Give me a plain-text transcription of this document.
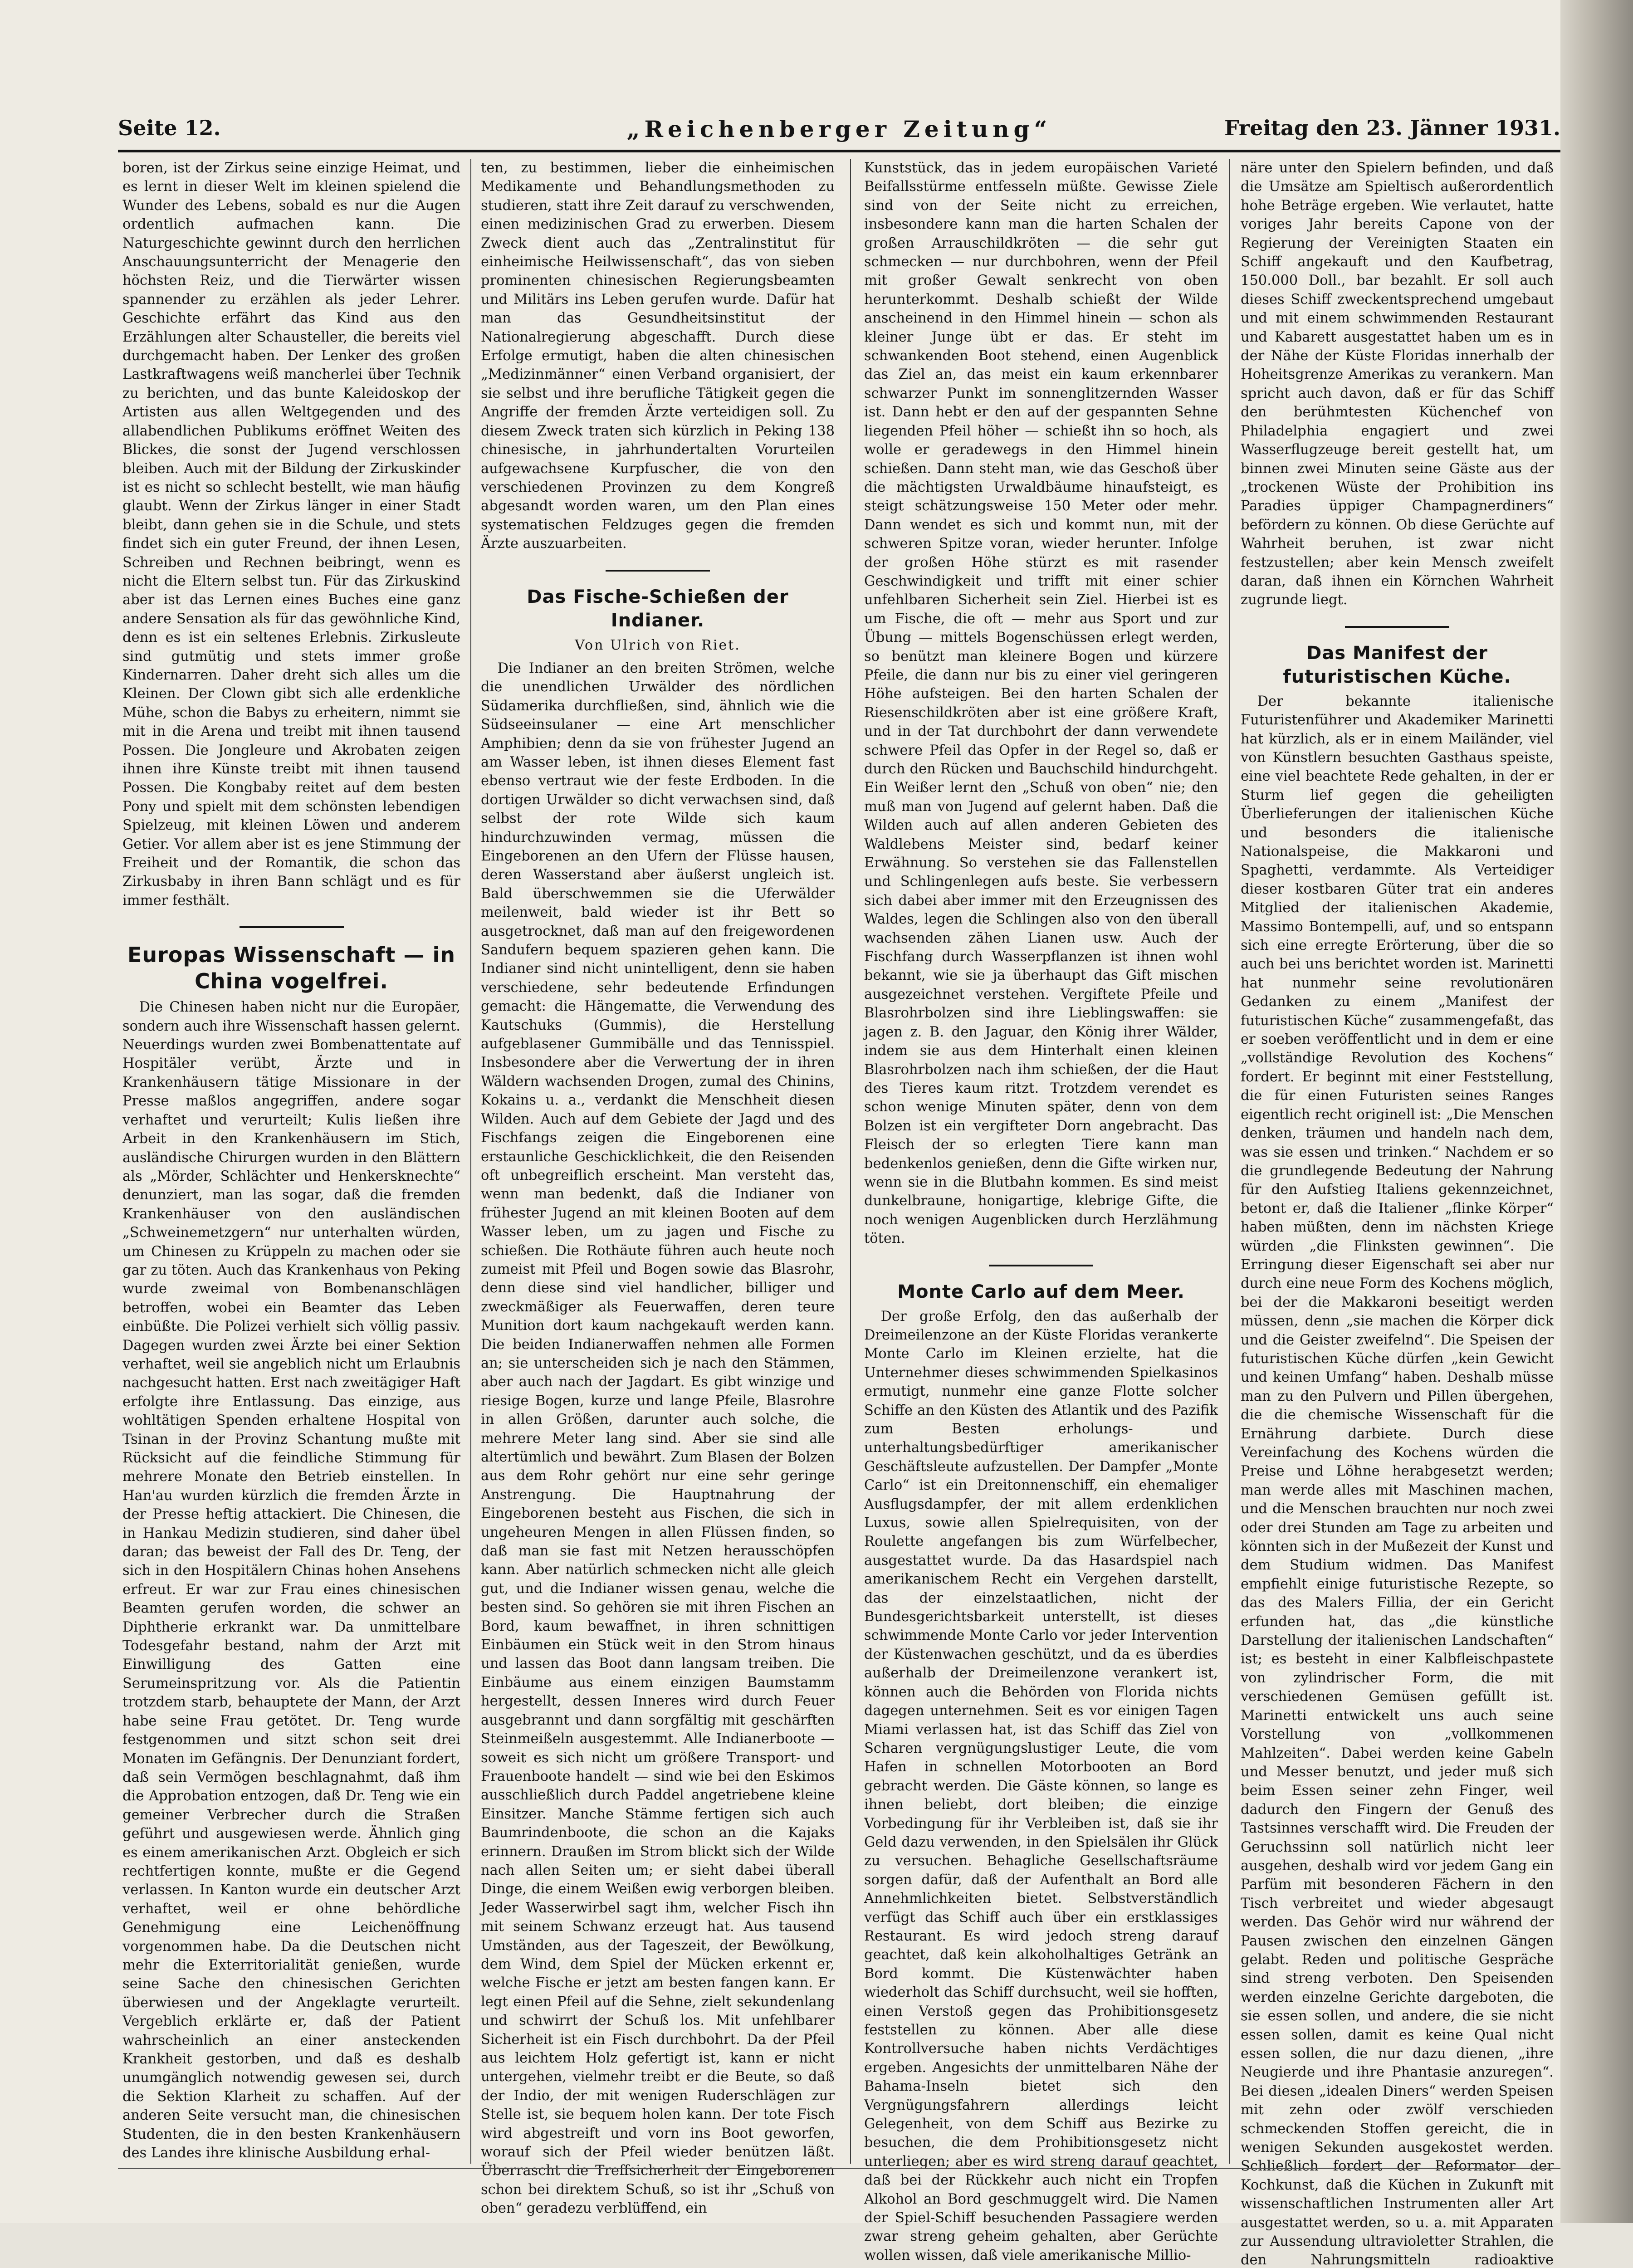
„Reichenberger Zeitung“
Seite 12.	Freitag den 23. Jänner 1931.

boren, ist der Zirkus seine einzige Heimat, und es lernt in dieser Welt im kleinen spielend die Wunder des Lebens, sobald es nur die Augen ordentlich aufmachen kann. Die Naturgeschichte gewinnt durch den herrlichen Anschauungsunterricht der Menagerie den höchsten Reiz, und die Tierwärter wissen spannender zu erzählen als jeder Lehrer. Geschichte erfährt das Kind aus den Erzählungen alter Schausteller, die bereits viel durchgemacht haben. Der Lenker des großen Lastkraftwagens weiß mancherlei über Technik zu berichten, und das bunte Kaleidoskop der Artisten aus allen Weltgegenden und des allabendlichen Publikums eröffnet Weiten des Blickes, die sonst der Jugend verschlossen bleiben. Auch mit der Bildung der Zirkuskinder ist es nicht so schlecht bestellt, wie man häufig glaubt. Wenn der Zirkus länger in einer Stadt bleibt, dann gehen sie in die Schule, und stets findet sich ein guter Freund, der ihnen Lesen, Schreiben und Rechnen beibringt, wenn es nicht die Eltern selbst tun. Für das Zirkuskind aber ist das Lernen eines Buches eine ganz andere Sensation als für das gewöhnliche Kind, denn es ist ein seltenes Erlebnis. Zirkusleute sind gutmütig und stets immer große Kindernarren. Daher dreht sich alles um die Kleinen. Der Clown gibt sich alle erdenkliche Mühe, schon die Babys zu erheitern, nimmt sie mit in die Arena und treibt mit ihnen tausend Possen. Die Jongleure und Akrobaten zeigen ihnen ihre Künste treibt mit ihnen tausend Possen. Die Kongbaby reitet auf dem besten Pony und spielt mit dem schönsten lebendigen Spielzeug, mit kleinen Löwen und anderem Getier. Vor allem aber ist es jene Stimmung der Freiheit und der Romantik, die schon das Zirkusbaby in ihren Bann schlägt und es für immer festhält.

Europas Wissenschaft — in China vogelfrei.

Die Chinesen haben nicht nur die Europäer, sondern auch ihre Wissenschaft hassen gelernt. Neuerdings wurden zwei Bombenattentate auf Hospitäler verübt, Ärzte und in Krankenhäusern tätige Missionare in der Presse maßlos angegriffen, andere sogar verhaftet und verurteilt; Kulis ließen ihre Arbeit in den Krankenhäusern im Stich, ausländische Chirurgen wurden in den Blättern als „Mörder, Schlächter und Henkersknechte“ denunziert, man las sogar, daß die fremden Krankenhäuser von den ausländischen „Schweinemetzgern“ nur unterhalten würden, um Chinesen zu Krüppeln zu machen oder sie gar zu töten. Auch das Krankenhaus von Peking wurde zweimal von Bombenanschlägen betroffen, wobei ein Beamter das Leben einbüßte. Die Polizei verhielt sich völlig passiv. Dagegen wurden zwei Ärzte bei einer Sektion verhaftet, weil sie angeblich nicht um Erlaubnis nachgesucht hatten. Erst nach zweitägiger Haft erfolgte ihre Entlassung. Das einzige, aus wohltätigen Spenden erhaltene Hospital von Tsinan in der Provinz Schantung mußte mit Rücksicht auf die feindliche Stimmung für mehrere Monate den Betrieb einstellen. In Han'au wurden kürzlich die fremden Ärzte in der Presse heftig attackiert. Die Chinesen, die in Hankau Medizin studieren, sind daher übel daran; das beweist der Fall des Dr. Teng, der sich in den Hospitälern Chinas hohen Ansehens erfreut. Er war zur Frau eines chinesischen Beamten gerufen worden, die schwer an Diphtherie erkrankt war. Da unmittelbare Todesgefahr bestand, nahm der Arzt mit Einwilligung des Gatten eine Serumeinspritzung vor. Als die Patientin trotzdem starb, behauptete der Mann, der Arzt habe seine Frau getötet. Dr. Teng wurde festgenommen und sitzt schon seit drei Monaten im Gefängnis. Der Denunziant fordert, daß sein Vermögen beschlagnahmt, daß ihm die Approbation entzogen, daß Dr. Teng wie ein gemeiner Verbrecher durch die Straßen geführt und ausgewiesen werde. Ähnlich ging es einem amerikanischen Arzt. Obgleich er sich rechtfertigen konnte, mußte er die Gegend verlassen. In Kanton wurde ein deutscher Arzt verhaftet, weil er ohne behördliche Genehmigung eine Leichenöffnung vorgenommen habe. Da die Deutschen nicht mehr die Exterritorialität genießen, wurde seine Sache den chinesischen Gerichten überwiesen und der Angeklagte verurteilt. Vergeblich erklärte er, daß der Patient wahrscheinlich an einer ansteckenden Krankheit gestorben, und daß es deshalb unumgänglich notwendig gewesen sei, durch die Sektion Klarheit zu schaffen. Auf der anderen Seite versucht man, die chinesischen Studenten, die in den besten Krankenhäusern des Landes ihre klinische Ausbildung erhal-

ten, zu bestimmen, lieber die einheimischen Medikamente und Behandlungsmethoden zu studieren, statt ihre Zeit darauf zu verschwenden, einen medizinischen Grad zu erwerben. Diesem Zweck dient auch das „Zentralinstitut für einheimische Heilwissenschaft“, das von sieben prominenten chinesischen Regierungsbeamten und Militärs ins Leben gerufen wurde. Dafür hat man das Gesundheitsinstitut der Nationalregierung abgeschafft. Durch diese Erfolge ermutigt, haben die alten chinesischen „Medizinmänner“ einen Verband organisiert, der sie selbst und ihre berufliche Tätigkeit gegen die Angriffe der fremden Ärzte verteidigen soll. Zu diesem Zweck traten sich kürzlich in Peking 138 chinesische, in jahrhundertalten Vorurteilen aufgewachsene Kurpfuscher, die von den verschiedenen Provinzen zu dem Kongreß abgesandt worden waren, um den Plan eines systematischen Feldzuges gegen die fremden Ärzte auszuarbeiten.

Das Fische-Schießen der Indianer.
Von Ulrich von Riet.

Die Indianer an den breiten Strömen, welche die unendlichen Urwälder des nördlichen Südamerika durchfließen, sind, ähnlich wie die Südseeinsulaner — eine Art menschlicher Amphibien; denn da sie von frühester Jugend an am Wasser leben, ist ihnen dieses Element fast ebenso vertraut wie der feste Erdboden. In die dortigen Urwälder so dicht verwachsen sind, daß selbst der rote Wilde sich kaum hindurchzuwinden vermag, müssen die Eingeborenen an den Ufern der Flüsse hausen, deren Wasserstand aber äußerst ungleich ist. Bald überschwemmen sie die Uferwälder meilenweit, bald wieder ist ihr Bett so ausgetrocknet, daß man auf den freigewordenen Sandufern bequem spazieren gehen kann. Die Indianer sind nicht unintelligent, denn sie haben verschiedene, sehr bedeutende Erfindungen gemacht: die Hängematte, die Verwendung des Kautschuks (Gummis), die Herstellung aufgeblasener Gummibälle und das Tennisspiel. Insbesondere aber die Verwertung der in ihren Wäldern wachsenden Drogen, zumal des Chinins, Kokains u. a., verdankt die Menschheit diesen Wilden. Auch auf dem Gebiete der Jagd und des Fischfangs zeigen die Eingeborenen eine erstaunliche Geschicklichkeit, die den Reisenden oft unbegreiflich erscheint. Man versteht das, wenn man bedenkt, daß die Indianer von frühester Jugend an mit kleinen Booten auf dem Wasser leben, um zu jagen und Fische zu schießen. Die Rothäute führen auch heute noch zumeist mit Pfeil und Bogen sowie das Blasrohr, denn diese sind viel handlicher, billiger und zweckmäßiger als Feuerwaffen, deren teure Munition dort kaum nachgekauft werden kann. Die beiden Indianerwaffen nehmen alle Formen an; sie unterscheiden sich je nach den Stämmen, aber auch nach der Jagdart. Es gibt winzige und riesige Bogen, kurze und lange Pfeile, Blasrohre in allen Größen, darunter auch solche, die mehrere Meter lang sind. Aber sie sind alle altertümlich und bewährt. Zum Blasen der Bolzen aus dem Rohr gehört nur eine sehr geringe Anstrengung. Die Hauptnahrung der Eingeborenen besteht aus Fischen, die sich in ungeheuren Mengen in allen Flüssen finden, so daß man sie fast mit Netzen herausschöpfen kann. Aber natürlich schmecken nicht alle gleich gut, und die Indianer wissen genau, welche die besten sind. So gehören sie mit ihren Fischen an Bord, kaum bewaffnet, in ihren schnittigen Einbäumen ein Stück weit in den Strom hinaus und lassen das Boot dann langsam treiben. Die Einbäume aus einem einzigen Baumstamm hergestellt, dessen Inneres wird durch Feuer ausgebrannt und dann sorgfältig mit geschärften Steinmeißeln ausgestemmt. Alle Indianerboote — soweit es sich nicht um größere Transport- und Frauenboote handelt — sind wie bei den Eskimos ausschließlich durch Paddel angetriebene kleine Einsitzer. Manche Stämme fertigen sich auch Baumrindenboote, die schon an die Kajaks erinnern. Draußen im Strom blickt sich der Wilde nach allen Seiten um; er sieht dabei überall Dinge, die einem Weißen ewig verborgen bleiben. Jeder Wasserwirbel sagt ihm, welcher Fisch ihn mit seinem Schwanz erzeugt hat. Aus tausend Umständen, aus der Tageszeit, der Bewölkung, dem Wind, dem Spiel der Mücken erkennt er, welche Fische er jetzt am besten fangen kann. Er legt einen Pfeil auf die Sehne, zielt sekundenlang und schwirrt der Schuß los. Mit unfehlbarer Sicherheit ist ein Fisch durchbohrt. Da der Pfeil aus leichtem Holz gefertigt ist, kann er nicht untergehen, vielmehr treibt er die Beute, so daß der Indio, der mit wenigen Ruderschlägen zur Stelle ist, sie bequem holen kann. Der tote Fisch wird abgestreift und vorn ins Boot geworfen, worauf sich der Pfeil wieder benützen läßt. Überrascht die Treffsicherheit der Eingeborenen schon bei direktem Schuß, so ist ihr „Schuß von oben“ geradezu verblüffend, ein

Kunststück, das in jedem europäischen Varieté Beifallsstürme entfesseln müßte. Gewisse Ziele sind von der Seite nicht zu erreichen, insbesondere kann man die harten Schalen der großen Arrauschildkröten — die sehr gut schmecken — nur durchbohren, wenn der Pfeil mit großer Gewalt senkrecht von oben herunterkommt. Deshalb schießt der Wilde anscheinend in den Himmel hinein — schon als kleiner Junge übt er das. Er steht im schwankenden Boot stehend, einen Augenblick das Ziel an, das meist ein kaum erkennbarer schwarzer Punkt im sonnenglitzernden Wasser ist. Dann hebt er den auf der gespannten Sehne liegenden Pfeil höher — schießt ihn so hoch, als wolle er geradewegs in den Himmel hinein schießen. Dann steht man, wie das Geschoß über die mächtigsten Urwaldbäume hinaufsteigt, es steigt schätzungsweise 150 Meter oder mehr. Dann wendet es sich und kommt nun, mit der schweren Spitze voran, wieder herunter. Infolge der großen Höhe stürzt es mit rasender Geschwindigkeit und trifft mit einer schier unfehlbaren Sicherheit sein Ziel. Hierbei ist es um Fische, die oft — mehr aus Sport und zur Übung — mittels Bogenschüssen erlegt werden, so benützt man kleinere Bogen und kürzere Pfeile, die dann nur bis zu einer viel geringeren Höhe aufsteigen. Bei den harten Schalen der Riesenschildkröten aber ist eine größere Kraft, und in der Tat durchbohrt der dann verwendete schwere Pfeil das Opfer in der Regel so, daß er durch den Rücken und Bauchschild hindurchgeht. Ein Weißer lernt den „Schuß von oben“ nie; den muß man von Jugend auf gelernt haben. Daß die Wilden auch auf allen anderen Gebieten des Waldlebens Meister sind, bedarf keiner Erwähnung. So verstehen sie das Fallenstellen und Schlingenlegen aufs beste. Sie verbessern sich dabei aber immer mit den Erzeugnissen des Waldes, legen die Schlingen also von den überall wachsenden zähen Lianen usw. Auch der Fischfang durch Wasserpflanzen ist ihnen wohl bekannt, wie sie ja überhaupt das Gift mischen ausgezeichnet verstehen. Vergiftete Pfeile und Blasrohrbolzen sind ihre Lieblingswaffen: sie jagen z. B. den Jaguar, den König ihrer Wälder, indem sie aus dem Hinterhalt einen kleinen Blasrohrbolzen nach ihm schießen, der die Haut des Tieres kaum ritzt. Trotzdem verendet es schon wenige Minuten später, denn von dem Bolzen ist ein vergifteter Dorn angebracht. Das Fleisch der so erlegten Tiere kann man bedenkenlos genießen, denn die Gifte wirken nur, wenn sie in die Blutbahn kommen. Es sind meist dunkelbraune, honigartige, klebrige Gifte, die noch wenigen Augenblicken durch Herzlähmung töten.

Monte Carlo auf dem Meer.

Der große Erfolg, den das außerhalb der Dreimeilenzone an der Küste Floridas verankerte Monte Carlo im Kleinen erzielte, hat die Unternehmer dieses schwimmenden Spielkasinos ermutigt, nunmehr eine ganze Flotte solcher Schiffe an den Küsten des Atlantik und des Pazifik zum Besten erholungs- und unterhaltungsbedürftiger amerikanischer Geschäftsleute aufzustellen. Der Dampfer „Monte Carlo“ ist ein Dreitonnenschiff, ein ehemaliger Ausflugsdampfer, der mit allem erdenklichen Luxus, sowie allen Spielrequisiten, von der Roulette angefangen bis zum Würfelbecher, ausgestattet wurde. Da das Hasardspiel nach amerikanischem Recht ein Vergehen darstellt, das der einzelstaatlichen, nicht der Bundesgerichtsbarkeit unterstellt, ist dieses schwimmende Monte Carlo vor jeder Intervention der Küstenwachen geschützt, und da es überdies außerhalb der Dreimeilenzone verankert ist, können auch die Behörden von Florida nichts dagegen unternehmen. Seit es vor einigen Tagen Miami verlassen hat, ist das Schiff das Ziel von Scharen vergnügungslustiger Leute, die vom Hafen in schnellen Motorbooten an Bord gebracht werden. Die Gäste können, so lange es ihnen beliebt, dort bleiben; die einzige Vorbedingung für ihr Verbleiben ist, daß sie ihr Geld dazu verwenden, in den Spielsälen ihr Glück zu versuchen. Behagliche Gesellschaftsräume sorgen dafür, daß der Aufenthalt an Bord alle Annehmlichkeiten bietet. Selbstverständlich verfügt das Schiff auch über ein erstklassiges Restaurant. Es wird jedoch streng darauf geachtet, daß kein alkoholhaltiges Getränk an Bord kommt. Die Küstenwächter haben wiederholt das Schiff durchsucht, weil sie hofften, einen Verstoß gegen das Prohibitionsgesetz feststellen zu können. Aber alle diese Kontrollversuche haben nichts Verdächtiges ergeben. Angesichts der unmittelbaren Nähe der Bahama-Inseln bietet sich den Vergnügungsfahrern allerdings leicht Gelegenheit, von dem Schiff aus Bezirke zu besuchen, die dem Prohibitionsgesetz nicht unterliegen; aber es wird streng darauf geachtet, daß bei der Rückkehr auch nicht ein Tropfen Alkohol an Bord geschmuggelt wird. Die Namen der Spiel-Schiff besuchenden Passagiere werden zwar streng geheim gehalten, aber Gerüchte wollen wissen, daß viele amerikanische Millio-

näre unter den Spielern befinden, und daß die Umsätze am Spieltisch außerordentlich hohe Beträge ergeben. Wie verlautet, hatte voriges Jahr bereits Capone von der Regierung der Vereinigten Staaten ein Schiff angekauft und den Kaufbetrag, 150.000 Doll., bar bezahlt. Er soll auch dieses Schiff zweckentsprechend umgebaut und mit einem schwimmenden Restaurant und Kabarett ausgestattet haben um es in der Nähe der Küste Floridas innerhalb der Hoheitsgrenze Amerikas zu verankern. Man spricht auch davon, daß er für das Schiff den berühmtesten Küchenchef von Philadelphia engagiert und zwei Wasserflugzeuge bereit gestellt hat, um binnen zwei Minuten seine Gäste aus der „trockenen Wüste der Prohibition ins Paradies üppiger Champagnerdiners“ befördern zu können. Ob diese Gerüchte auf Wahrheit beruhen, ist zwar nicht festzustellen; aber kein Mensch zweifelt daran, daß ihnen ein Körnchen Wahrheit zugrunde liegt.

Das Manifest der futuristischen Küche.

Der bekannte italienische Futuristenführer und Akademiker Marinetti hat kürzlich, als er in einem Mailänder, viel von Künstlern besuchten Gasthaus speiste, eine viel beachtete Rede gehalten, in der er Sturm lief gegen die geheiligten Überlieferungen der italienischen Küche und besonders die italienische Nationalspeise, die Makkaroni und Spaghetti, verdammte. Als Verteidiger dieser kostbaren Güter trat ein anderes Mitglied der italienischen Akademie, Massimo Bontempelli, auf, und so entspann sich eine erregte Erörterung, über die so auch bei uns berichtet worden ist. Marinetti hat nunmehr seine revolutionären Gedanken zu einem „Manifest der futuristischen Küche“ zusammengefaßt, das er soeben veröffentlicht und in dem er eine „vollständige Revolution des Kochens“ fordert. Er beginnt mit einer Feststellung, die für einen Futuristen seines Ranges eigentlich recht originell ist: „Die Menschen denken, träumen und handeln nach dem, was sie essen und trinken.“ Nachdem er so die grundlegende Bedeutung der Nahrung für den Aufstieg Italiens gekennzeichnet, betont er, daß die Italiener „flinke Körper“ haben müßten, denn im nächsten Kriege würden „die Flinksten gewinnen“. Die Erringung dieser Eigenschaft sei aber nur durch eine neue Form des Kochens möglich, bei der die Makkaroni beseitigt werden müssen, denn „sie machen die Körper dick und die Geister zweifelnd“. Die Speisen der futuristischen Küche dürfen „kein Gewicht und keinen Umfang“ haben. Deshalb müsse man zu den Pulvern und Pillen übergehen, die die chemische Wissenschaft für die Ernährung darbiete. Durch diese Vereinfachung des Kochens würden die Preise und Löhne herabgesetzt werden; man werde alles mit Maschinen machen, und die Menschen brauchten nur noch zwei oder drei Stunden am Tage zu arbeiten und könnten sich in der Mußezeit der Kunst und dem Studium widmen. Das Manifest empfiehlt einige futuristische Rezepte, so das des Malers Fillia, der ein Gericht erfunden hat, das „die künstliche Darstellung der italienischen Landschaften“ ist; es besteht in einer Kalbfleischpastete von zylindrischer Form, die mit verschiedenen Gemüsen gefüllt ist. Marinetti entwickelt uns auch seine Vorstellung von „vollkommenen Mahlzeiten“. Dabei werden keine Gabeln und Messer benutzt, und jeder muß sich beim Essen seiner zehn Finger, weil dadurch den Fingern der Genuß des Tastsinnes verschafft wird. Die Freuden der Geruchssinn soll natürlich nicht leer ausgehen, deshalb wird vor jedem Gang ein Parfüm mit besonderen Fächern in den Tisch verbreitet und wieder abgesaugt werden. Das Gehör wird nur während der Pausen zwischen den einzelnen Gängen gelabt. Reden und politische Gespräche sind streng verboten. Den Speisenden werden einzelne Gerichte dargeboten, die sie essen sollen, und andere, die sie nicht essen sollen, damit es keine Qual nicht essen sollen, die nur dazu dienen, „ihre Neugierde und ihre Phantasie anzuregen“. Bei diesen „idealen Diners“ werden Speisen mit zehn oder zwölf verschieden schmeckenden Stoffen gereicht, die in wenigen Sekunden ausgekostet werden. Schließlich fordert der Reformator der Kochkunst, daß die Küchen in Zukunft mit wissenschaftlichen Instrumenten aller Art ausgestattet werden, so u. a. mit Apparaten zur Aussendung ultravioletter Strahlen, die den Nahrungsmitteln radioaktive
